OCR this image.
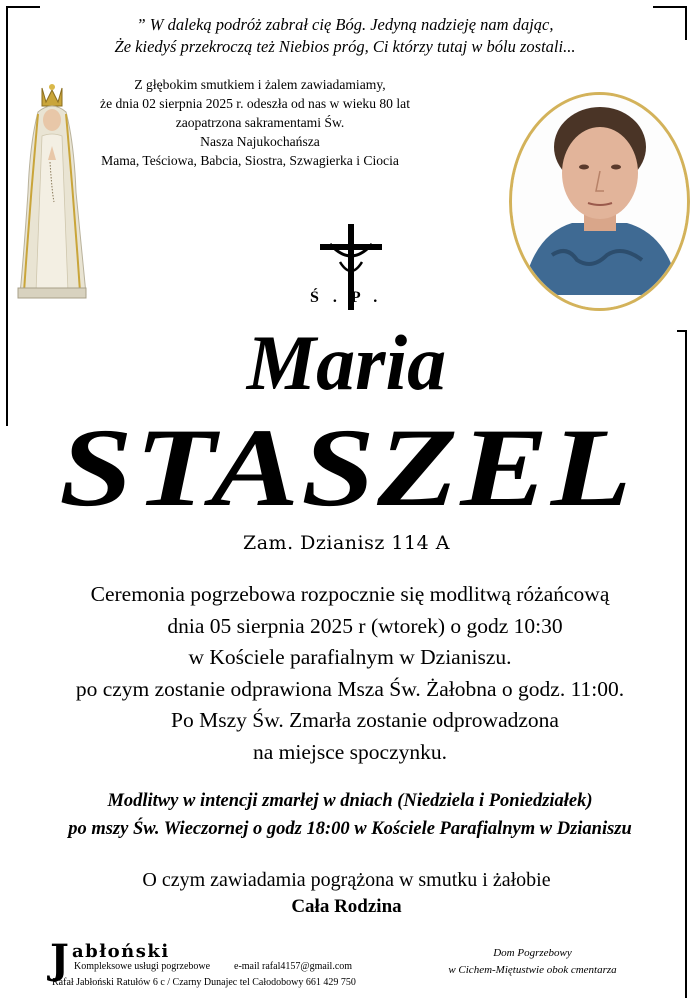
” W daleką podróż zabrał cię Bóg. Jedyną nadzieję nam dając,
Że kiedyś przekroczą też Niebios próg, Ci którzy tutaj w bólu zostali...
Z głębokim smutkiem i żalem zawiadamiamy,
że dnia 02 sierpnia 2025 r. odeszła od nas w wieku 80 lat
zaopatrzona sakramentami Św.
Nasza Najukochańsza
Mama, Teściowa, Babcia, Siostra, Szwagierka i Ciocia
Ś.P.
Maria
STASZEL
Zam. Dzianisz 114 A
Ceremonia pogrzebowa rozpocznie się modlitwą różańcową
dnia 05 sierpnia 2025 r (wtorek) o godz 10:30
w Kościele parafialnym w Dzianiszu.
po czym zostanie odprawiona Msza Św. Żałobna o godz. 11:00.
Po Mszy Św. Zmarła zostanie odprowadzona
na miejsce spoczynku.
Modlitwy w intencji zmarłej w dniach (Niedziela i Poniedziałek)
po mszy Św. Wieczornej o godz 18:00 w Kościele Parafialnym w Dzianiszu
O czym zawiadamia pogrążona w smutku i żałobie
Cała Rodzina
J abłoński
Kompleksowe usługi pogrzebowe e-mail rafal4157@gmail.com
Rafał Jabłoński Ratułów 6 c / Czarny Dunajec tel Całodobowy 661 429 750
Dom Pogrzebowy
w Cichem-Miętustwie obok cmentarza
